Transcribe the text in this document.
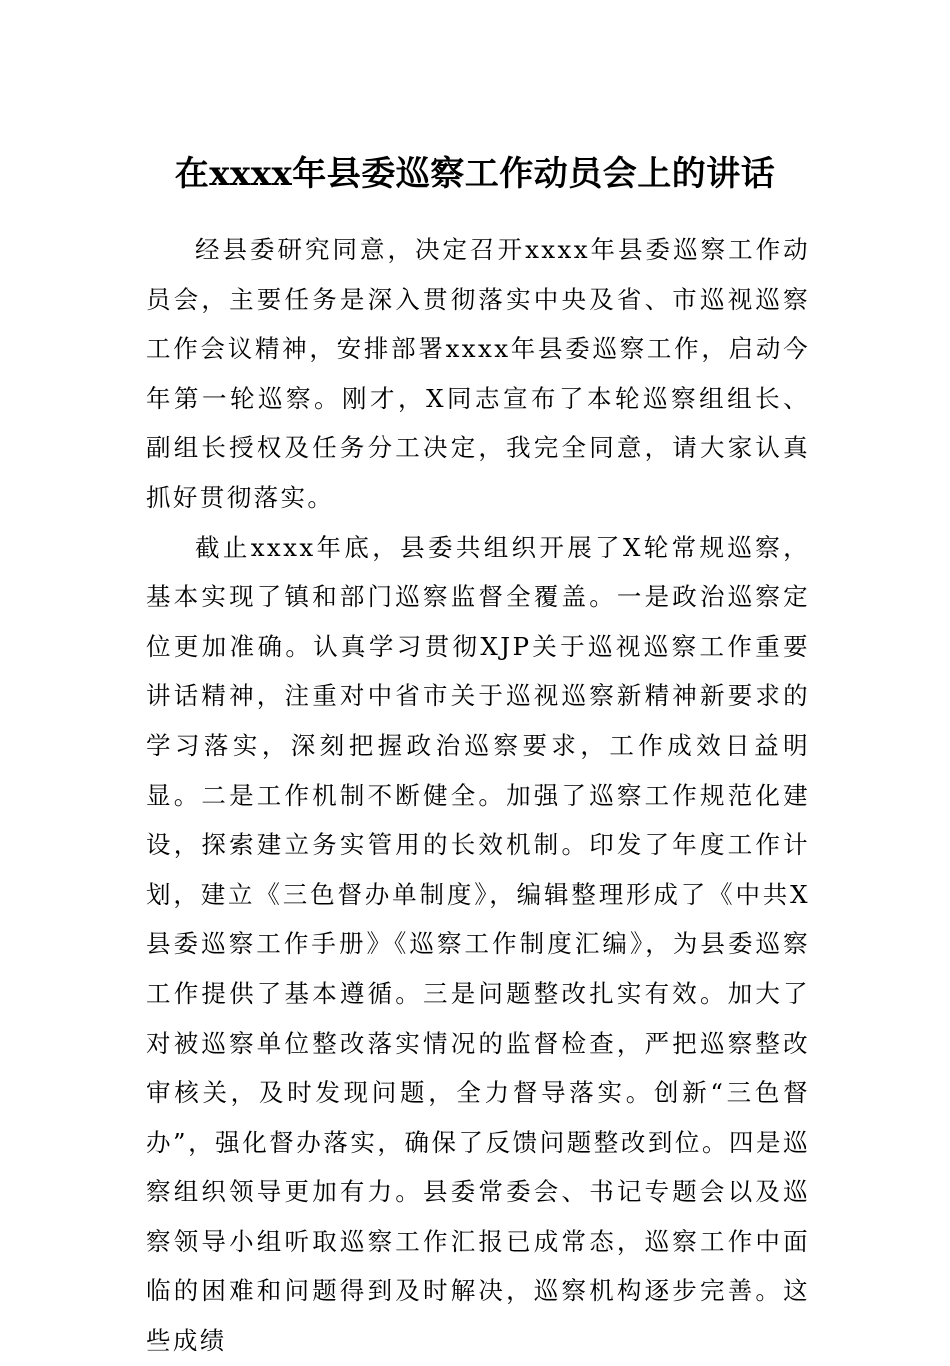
在xxxx年县委巡察工作动员会上的讲话

经县委研究同意，决定召开xxxx年县委巡察工作动员会，主要任务是深入贯彻落实中央及省、市巡视巡察工作会议精神，安排部署xxxx年县委巡察工作，启动今年第一轮巡察。刚才，X同志宣布了本轮巡察组组长、副组长授权及任务分工决定，我完全同意，请大家认真抓好贯彻落实。

截止xxxx年底，县委共组织开展了X轮常规巡察，基本实现了镇和部门巡察监督全覆盖。一是政治巡察定位更加准确。认真学习贯彻XJP关于巡视巡察工作重要讲话精神，注重对中省市关于巡视巡察新精神新要求的学习落实，深刻把握政治巡察要求，工作成效日益明显。二是工作机制不断健全。加强了巡察工作规范化建设，探索建立务实管用的长效机制。印发了年度工作计划，建立《三色督办单制度》，编辑整理形成了《中共X县委巡察工作手册》《巡察工作制度汇编》，为县委巡察工作提供了基本遵循。三是问题整改扎实有效。加大了对被巡察单位整改落实情况的监督检查，严把巡察整改审核关，及时发现问题，全力督导落实。创新“三色督办”，强化督办落实，确保了反馈问题整改到位。四是巡察组织领导更加有力。县委常委会、书记专题会以及巡察领导小组听取巡察工作汇报已成常态，巡察工作中面临的困难和问题得到及时解决，巡察机构逐步完善。这些成绩
